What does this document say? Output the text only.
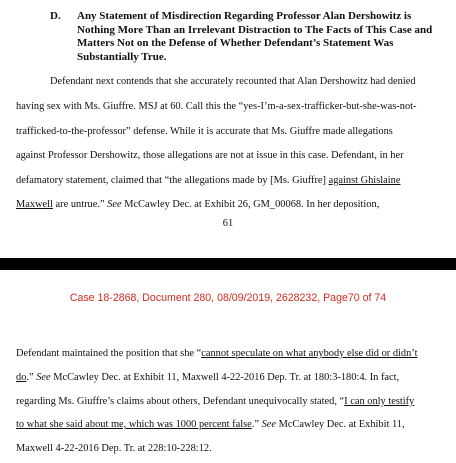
D.	Any Statement of Misdirection Regarding Professor Alan Dershowitz is
Nothing More Than an Irrelevant Distraction to The Facts of This Case and
Matters Not on the Defense of Whether Defendant’s Statement Was
Substantially True.
Defendant next contends that she accurately recounted that Alan Dershowitz had denied
having sex with Ms. Giuffre. MSJ at 60. Call this the “yes-I’m-a-sex-trafficker-but-she-was-not-
trafficked-to-the-professor” defense. While it is accurate that Ms. Giuffre made allegations
against Professor Dershowitz, those allegations are not at issue in this case. Defendant, in her
defamatory statement, claimed that “the allegations made by [Ms. Giuffre] against Ghislaine
Maxwell are untrue.” See McCawley Dec. at Exhibit 26, GM_00068. In her deposition,
61
Case 18-2868, Document 280, 08/09/2019, 2628232, Page70 of 74
Defendant maintained the position that she “cannot speculate on what anybody else did or didn’t
do.” See McCawley Dec. at Exhibit 11, Maxwell 4-22-2016 Dep. Tr. at 180:3-180:4. In fact,
regarding Ms. Giuffre’s claims about others, Defendant unequivocally stated, “I can only testify
to what she said about me, which was 1000 percent false.” See McCawley Dec. at Exhibit 11,
Maxwell 4-22-2016 Dep. Tr. at 228:10-228:12.
